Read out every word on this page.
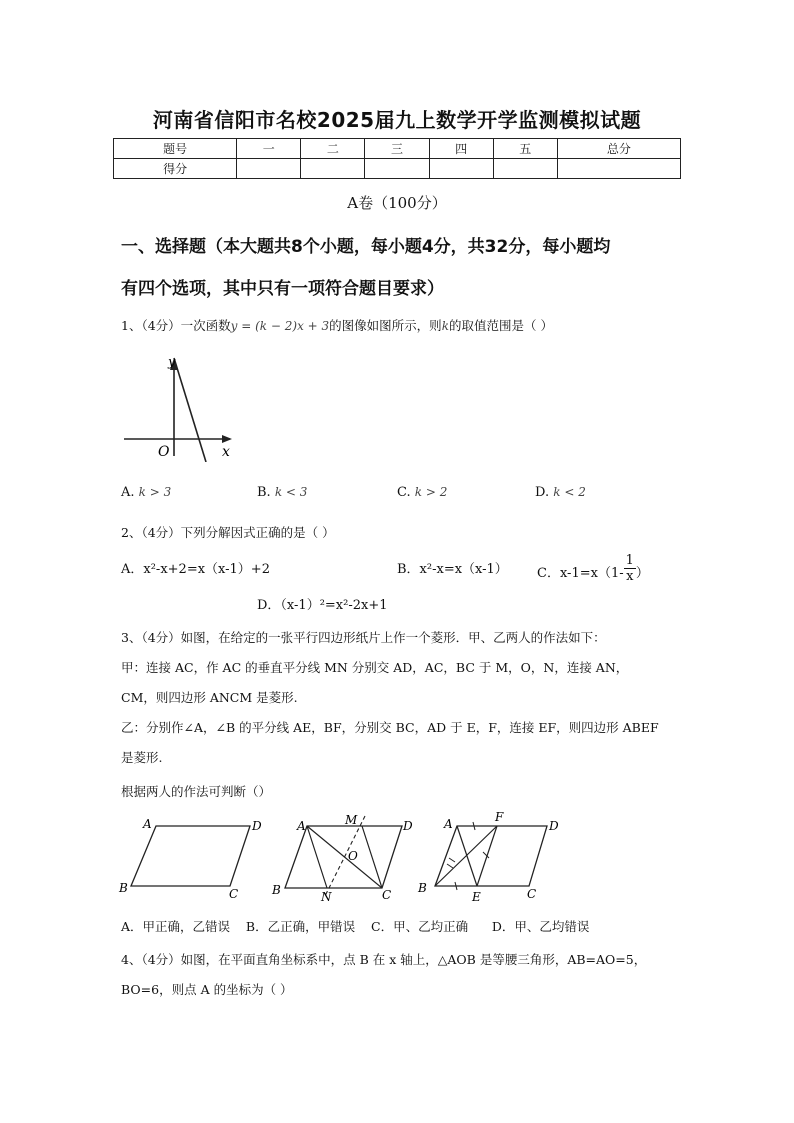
河南省信阳市名校2025届九上数学开学监测模拟试题
题号	一	二	三	四	五	总分
得分						
A卷（100分）
一、选择题（本大题共8个小题，每小题4分，共32分，每小题均
有四个选项，其中只有一项符合题目要求）
1、（4分）一次函数y = (k − 2)x + 3的图像如图所示，则k的取值范围是（ ）
y
x
O
A. k > 3	B. k < 3	C. k > 2	D. k < 2
2、（4分）下列分解因式正确的是（ ）
A．x²-x+2=x（x-1）+2	B．x²-x=x（x-1） C．$x-1=x(1- \frac{1}{x}$ ）
D．（x-1）²=x²-2x+1
3、（4分）如图，在给定的一张平行四边形纸片上作一个菱形．甲、乙两人的作法如下：
甲：连接 AC，作 AC 的垂直平分线 MN 分别交 AD，AC，BC 于 M，O，N，连接 AN，
CM，则四边形 ANCM 是菱形.
乙：分别作∠A，∠B 的平分线 AE，BF，分别交 BC，AD 于 E，F，连接 EF，则四边形 ABEF
是菱形.
根据两人的作法可判断（）
A	D
B	C
A	M	D
O
B	N	C
A	F
D
B
E	C
A．甲正确，乙错误    B．乙正确，甲错误    C．甲、乙均正确      D．甲、乙均错误
4、（4分）如图，在平面直角坐标系中，点 B 在 x 轴上，△AOB 是等腰三角形，AB=AO=5，
BO=6，则点 A 的坐标为（ ）
